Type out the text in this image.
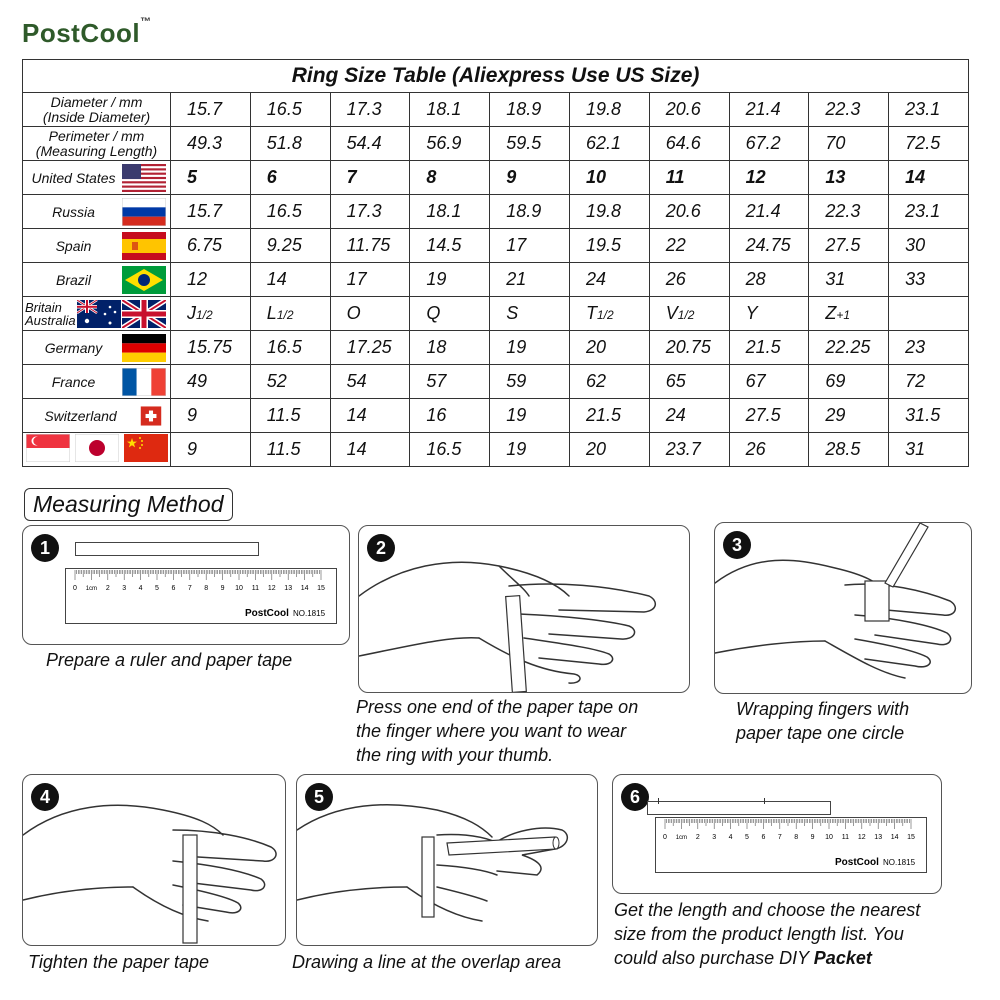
PostCool™
Ring Size Table (Aliexpress Use US Size)										

Diameter / mm
(Inside Diameter)	15.7	16.5	17.3	18.1	18.9	19.8	20.6	21.4	22.3	23.1

Perimeter / mm
(Measuring Length)	49.3	51.8	54.4	56.9	59.5	62.1	64.6	67.2	70	72.5

United States	5	6	7	8	9	10	11	12	13	14

Russia	15.7	16.5	17.3	18.1	18.9	19.8	20.6	21.4	22.3	23.1

Spain	6.75	9.25	11.75	14.5	17	19.5	22	24.75	27.5	30

Brazil	12	14	17	19	21	24	26	28	31	33

Britain
Australia	J1/2	L1/2	O	Q	S	T1/2	V1/2	Y	Z+1	

Germany	15.75	16.5	17.25	18	19	20	20.75	21.5	22.25	23

France	49	52	54	57	59	62	65	67	69	72

Switzerland	9	11.5	14	16	19	21.5	24	27.5	29	31.5

	9	11.5	14	16.5	19	20	23.7	26	28.5	31
Measuring Method
1
0 1cm 2 3 4 5 6 7 8 9 10 11 12 13 14 15
PostCool NO.1815
Prepare a ruler and paper tape
2
Press one end of the paper tape on
the finger where you want to wear
the ring with your thumb.
3
Wrapping fingers with
paper tape one circle
4
Tighten the paper tape
5
Drawing a line at the overlap area
6
0 1cm 2 3 4 5 6 7 8 9 10 11 12 13 14 15
PostCool NO.1815
Get the length and choose the nearest
size from the product length list. You
could also purchase DIY Packet
